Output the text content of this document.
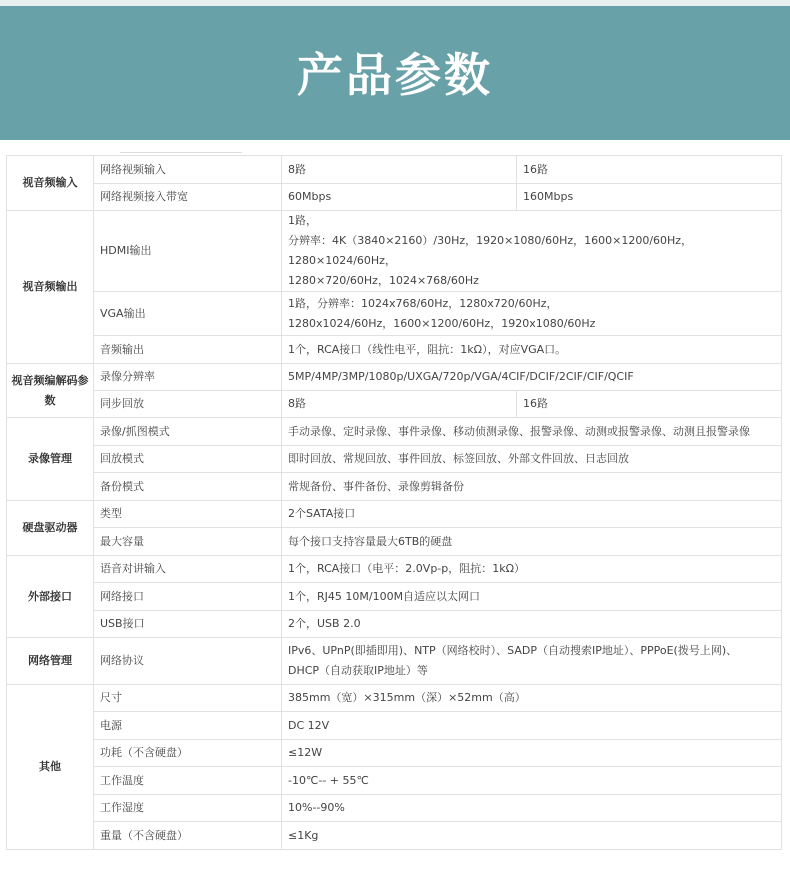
产品参数
视音频输入	网络视频输入	8路	16路
	网络视频接入带宽	60Mbps	160Mbps
视音频输出	HDMI输出	1路，
分辨率：4K（3840×2160）/30Hz，1920×1080/60Hz，1600×1200/60Hz，1280×1024/60Hz，
1280×720/60Hz，1024×768/60Hz	
	VGA输出	1路，分辨率：1024x768/60Hz，1280x720/60Hz，
1280x1024/60Hz，1600×1200/60Hz，1920x1080/60Hz	
	音频输出	1个，RCA接口（线性电平，阻抗：1kΩ），对应VGA口。	
视音频编解码参数	录像分辨率	5MP/4MP/3MP/1080p/UXGA/720p/VGA/4CIF/DCIF/2CIF/CIF/QCIF	
	同步回放	8路	16路
录像管理	录像/抓图模式	手动录像、定时录像、事件录像、移动侦测录像、报警录像、动测或报警录像、动测且报警录像	
	回放模式	即时回放、常规回放、事件回放、标签回放、外部文件回放、日志回放	
	备份模式	常规备份、事件备份、录像剪辑备份	
硬盘驱动器	类型	2个SATA接口	
	最大容量	每个接口支持容量最大6TB的硬盘	
外部接口	语音对讲输入	1个，RCA接口（电平：2.0Vp-p，阻抗：1kΩ）	
	网络接口	1个，RJ45 10M/100M自适应以太网口	
	USB接口	2个，USB 2.0	
网络管理	网络协议	IPv6、UPnP(即插即用)、NTP（网络校时）、SADP（自动搜索IP地址）、PPPoE(拨号上网)、
DHCP（自动获取IP地址）等	
其他	尺寸	385mm（宽）×315mm（深）×52mm（高）	
	电源	DC 12V	
	功耗（不含硬盘）	≤12W	
	工作温度	-10℃-- + 55℃	
	工作湿度	10%--90%	
	重量（不含硬盘）	≤1Kg	
